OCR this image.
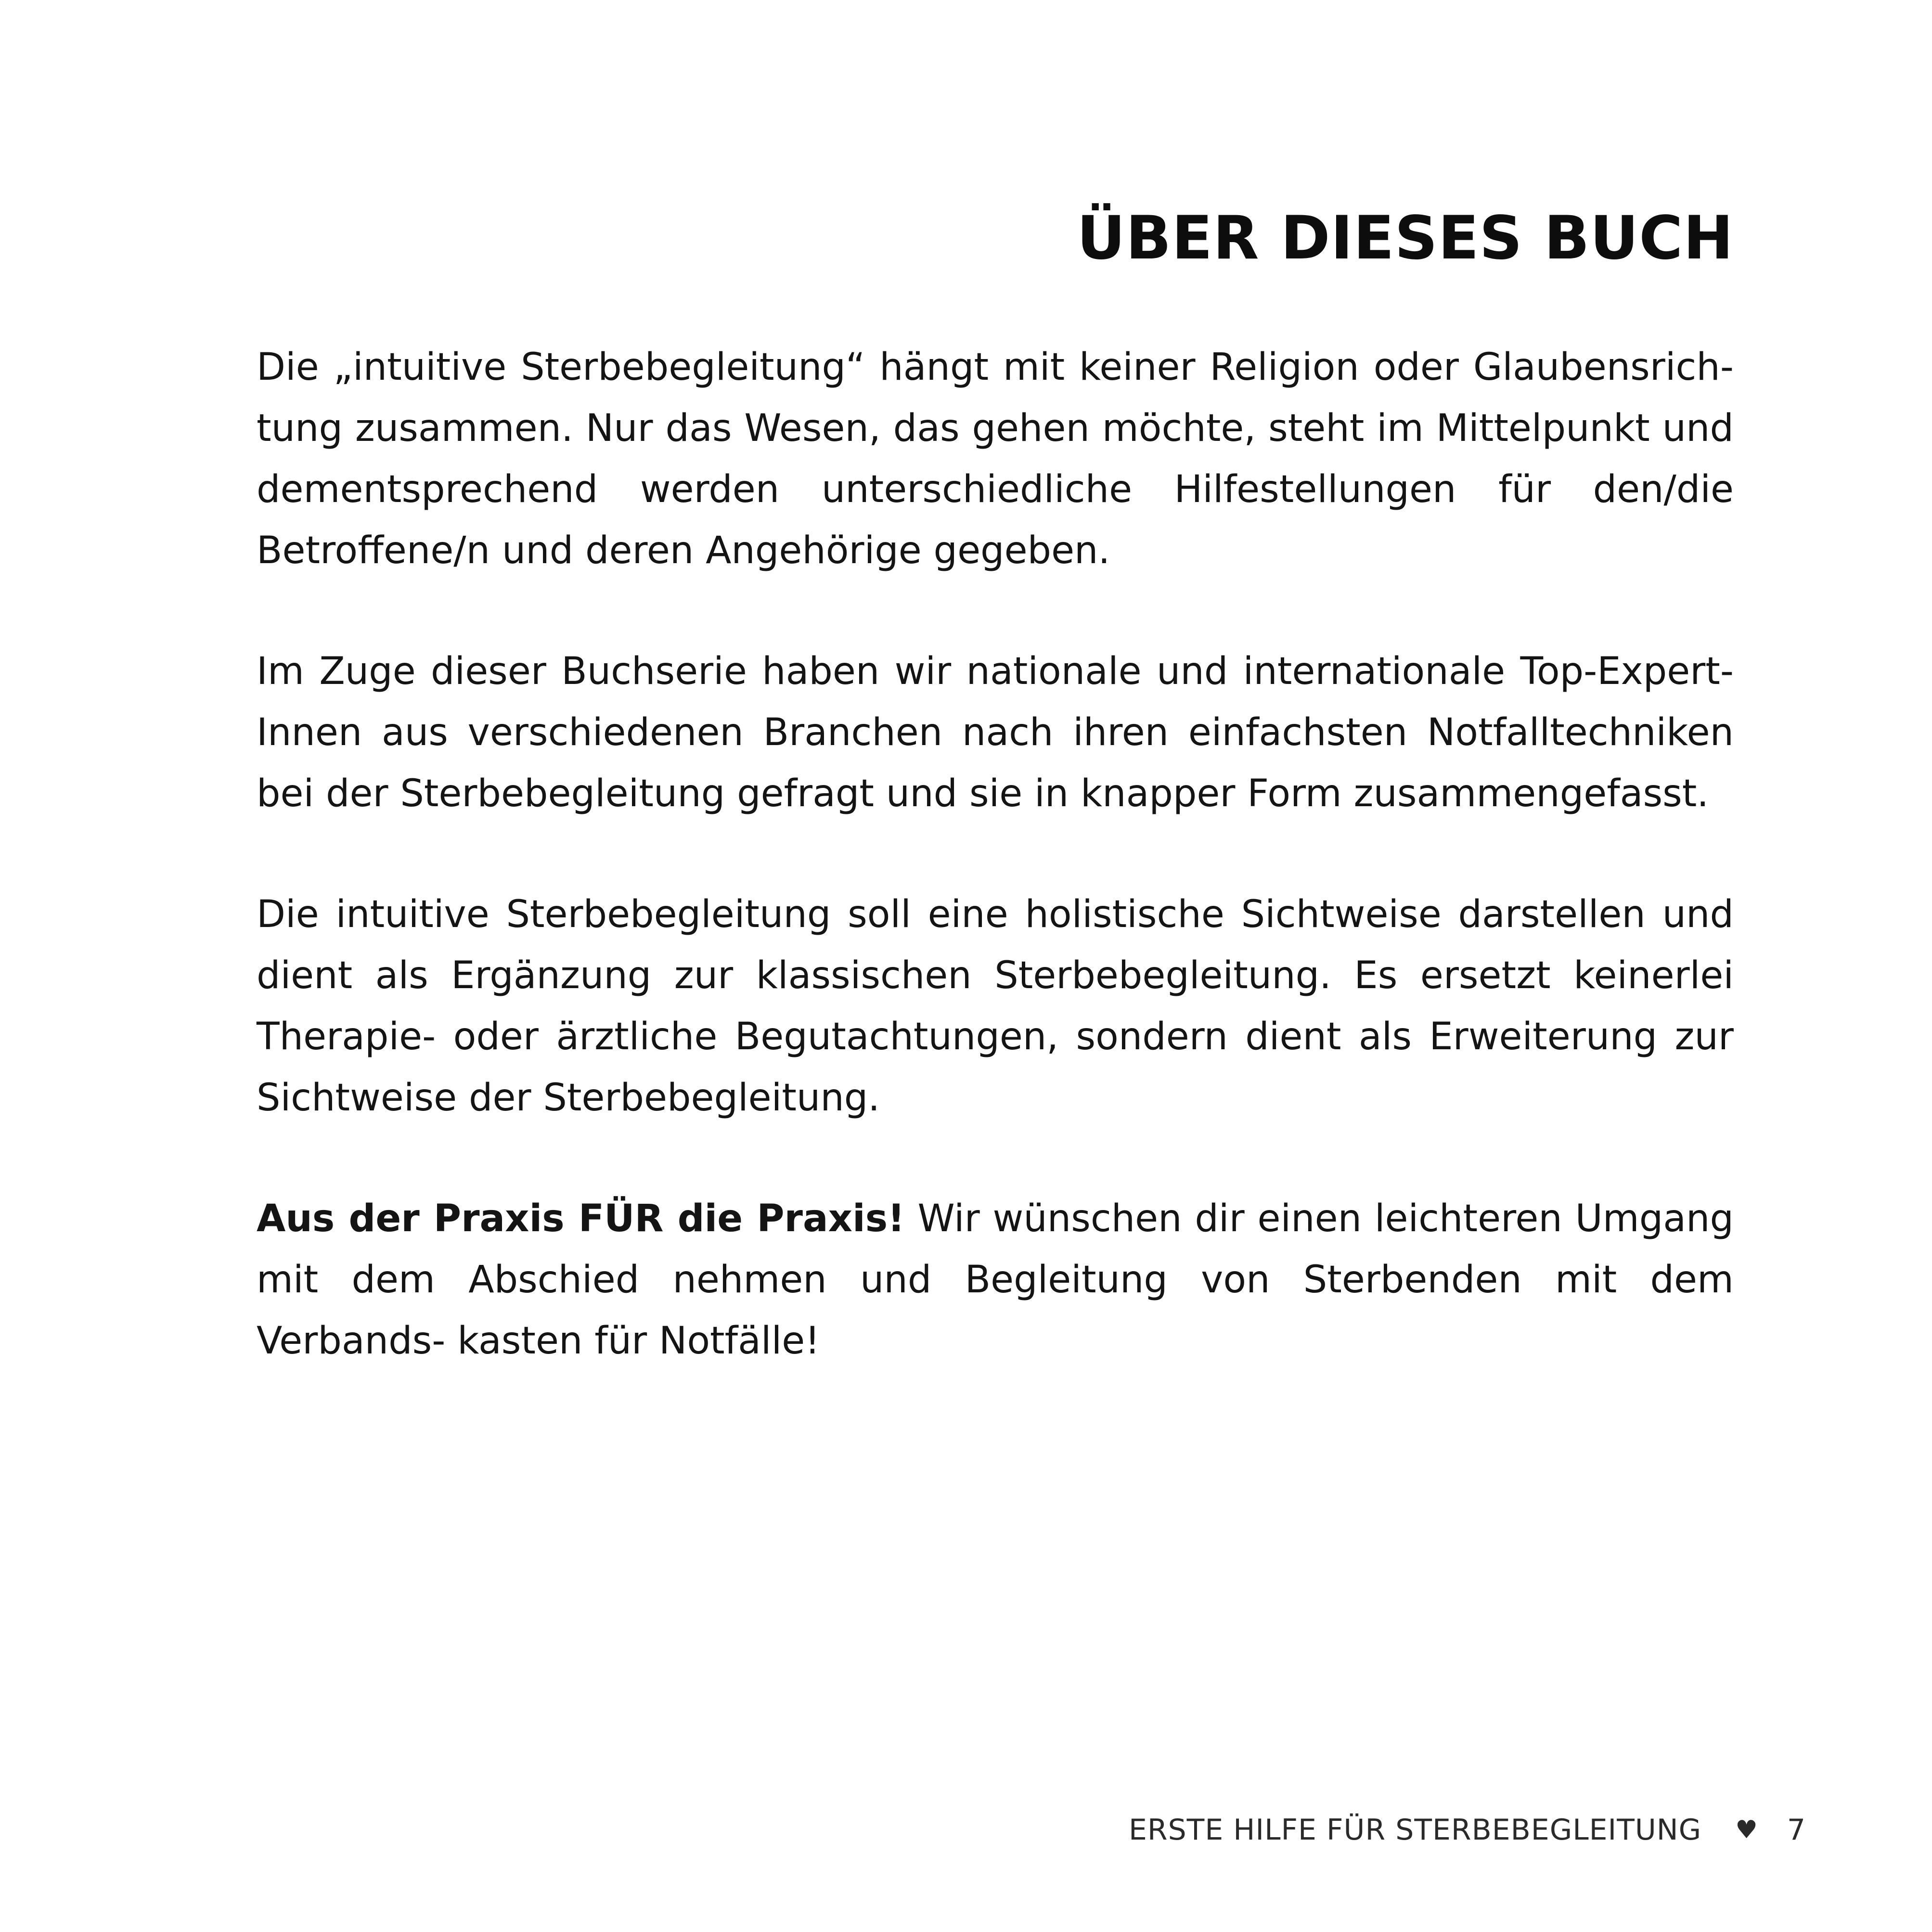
ÜBER DIESES BUCH

Die „intuitive Sterbebegleitung“ hängt mit keiner Religion oder Glaubensrichtung zusammen. Nur das Wesen, das gehen möchte, steht im Mittelpunkt und dementsprechend werden unterschiedliche Hilfestellungen für den/die Betroffene/n und deren Angehörige gegeben.

Im Zuge dieser Buchserie haben wir nationale und internationale Top-ExpertInnen aus verschiedenen Branchen nach ihren einfachsten Notfalltechniken bei der Sterbebegleitung gefragt und sie in knapper Form zusammengefasst.

Die intuitive Sterbebegleitung soll eine holistische Sichtweise darstellen und dient als Ergänzung zur klassischen Sterbebegleitung. Es ersetzt keinerlei Therapie- oder ärztliche Begutachtungen, sondern dient als Erweiterung zur Sichtweise der Sterbebegleitung.

Aus der Praxis FÜR die Praxis! Wir wünschen dir einen leichteren Umgang mit dem Abschied nehmen und Begleitung von Sterbenden mit dem Verbands- kasten für Notfälle!

ERSTE HILFE FÜR STERBEBEGLEITUNG ♥ 7
